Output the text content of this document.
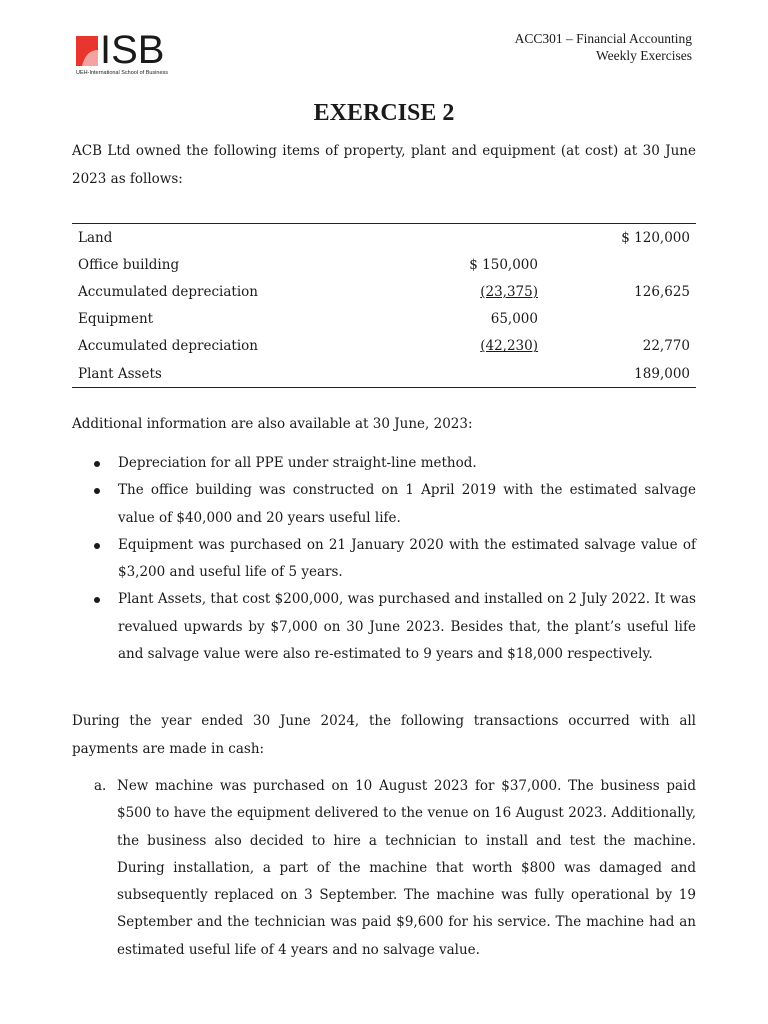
ISB
UEH-International School of Business
ACC301 – Financial Accounting
Weekly Exercises
EXERCISE 2
ACB Ltd owned the following items of property, plant and equipment (at cost) at 30 June 2023 as follows:
Land		$ 120,000
Office building	$ 150,000	
Accumulated depreciation	(23,375)	126,625
Equipment	65,000	
Accumulated depreciation	(42,230)	22,770
Plant Assets		189,000
Additional information are also available at 30 June, 2023:
Depreciation for all PPE under straight-line method.
The office building was constructed on 1 April 2019 with the estimated salvage value of $40,000 and 20 years useful life.
Equipment was purchased on 21 January 2020 with the estimated salvage value of $3,200 and useful life of 5 years.
Plant Assets, that cost $200,000, was purchased and installed on 2 July 2022. It was revalued upwards by $7,000 on 30 June 2023. Besides that, the plant’s useful life and salvage value were also re-estimated to 9 years and $18,000 respectively.
During the year ended 30 June 2024, the following transactions occurred with all payments are made in cash:
a. New machine was purchased on 10 August 2023 for $37,000. The business paid $500 to have the equipment delivered to the venue on 16 August 2023. Additionally, the business also decided to hire a technician to install and test the machine. During installation, a part of the machine that worth $800 was damaged and subsequently replaced on 3 September. The machine was fully operational by 19 September and the technician was paid $9,600 for his service. The machine had an estimated useful life of 4 years and no salvage value.
